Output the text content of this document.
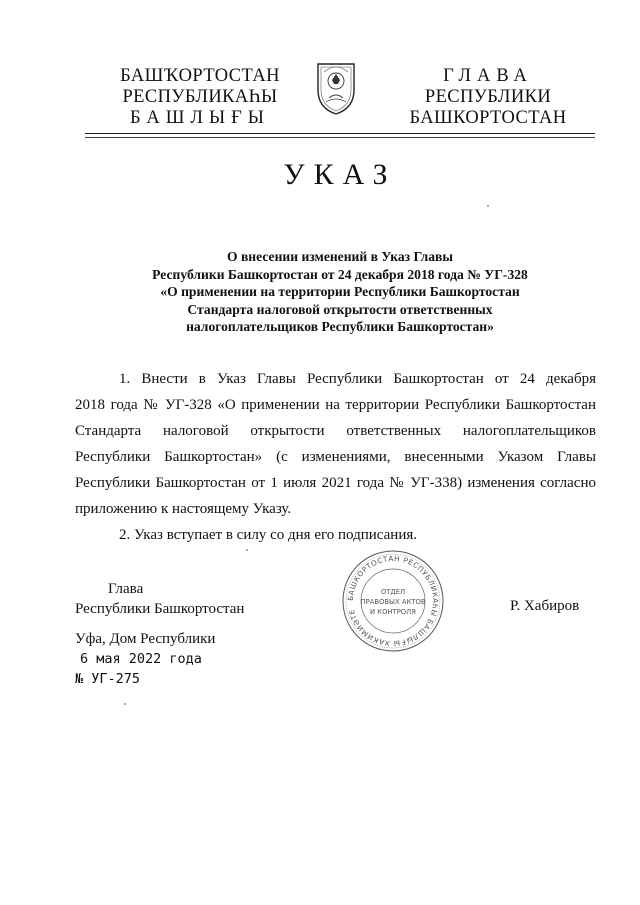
БАШҠОРТОСТАН
РЕСПУБЛИКАҺЫ
БАШЛЫҒЫ
ГЛАВА
РЕСПУБЛИКИ
БАШКОРТОСТАН
УКАЗ
О внесении изменений в Указ Главы
Республики Башкортостан от 24 декабря 2018 года № УГ-328
«О применении на территории Республики Башкортостан
Стандарта налоговой открытости ответственных
налогоплательщиков Республики Башкортостан»
1. Внести в Указ Главы Республики Башкортостан от 24 декабря
2018 года № УГ-328 «О применении на территории Республики Башкортостан
Стандарта налоговой открытости ответственных налогоплательщиков
Республики Башкортостан» (с изменениями, внесенными Указом Главы
Республики Башкортостан от 1 июля 2021 года № УГ-338) изменения согласно
приложению к настоящему Указу.
2. Указ вступает в силу со дня его подписания.
Глава
Республики Башкортостан
БАШКОРТОСТАН РЕСПУБЛИКАҺЫ БАШЛЫҒЫ ХАКИМИӘТЕ
ОТДЕЛ
ПРАВОВЫХ АКТОВ
И КОНТРОЛЯ	Р. Хабиров
Уфа, Дом Республики
6 мая 2022 года
№ УГ-275
